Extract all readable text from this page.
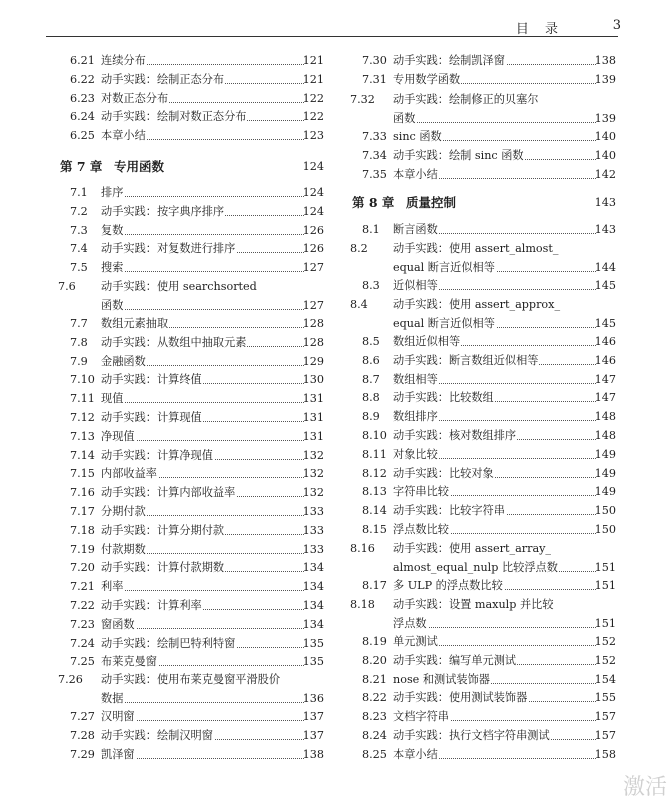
目 录	3
6.21 连续分布	121
6.22 动手实践：绘制正态分布	121
6.23 对数正态分布	122
6.24 动手实践：绘制对数正态分布	122
6.25 本章小结	123
第 7 章 专用函数	124
7.1	排序	124
7.2	动手实践：按字典序排序	124
7.3	复数	126
7.4	动手实践：对复数进行排序	126
7.5	搜索	127
7.6 动手实践：使用 searchsorted
函数	127
7.7	数组元素抽取	128
7.8	动手实践：从数组中抽取元素	128
7.9	金融函数	129
7.10 动手实践：计算终值	130
7.11 现值	131
7.12 动手实践：计算现值	131
7.13 净现值	131
7.14 动手实践：计算净现值	132
7.15 内部收益率	132
7.16 动手实践：计算内部收益率	132
7.17 分期付款	133
7.18 动手实践：计算分期付款	133
7.19 付款期数	133
7.20 动手实践：计算付款期数	134
7.21 利率	134
7.22 动手实践：计算利率	134
7.23 窗函数	134
7.24 动手实践：绘制巴特利特窗	135
7.25 布莱克曼窗	135
7.26 动手实践：使用布莱克曼窗平滑股价
数据	136
7.27 汉明窗	137
7.28 动手实践：绘制汉明窗	137
7.29 凯泽窗	138
7.30 动手实践：绘制凯泽窗	138
7.31 专用数学函数	139
7.32 动手实践：绘制修正的贝塞尔
函数	139
7.33 sinc 函数	140
7.34 动手实践：绘制 sinc 函数	140
7.35 本章小结	142
第 8 章 质量控制	143
8.1	断言函数	143
8.2 动手实践：使用 assert_almost_
equal 断言近似相等	144
8.3	近似相等	145
8.4 动手实践：使用 assert_approx_
equal 断言近似相等	145
8.5	数组近似相等	146
8.6	动手实践：断言数组近似相等	146
8.7	数组相等	147
8.8	动手实践：比较数组	147
8.9	数组排序	148
8.10 动手实践：核对数组排序	148
8.11 对象比较	149
8.12 动手实践：比较对象	149
8.13 字符串比较	149
8.14 动手实践：比较字符串	150
8.15 浮点数比较	150
8.16 动手实践：使用 assert_array_
almost_equal_nulp 比较浮点数	151
8.17 多 ULP 的浮点数比较	151
8.18 动手实践：设置 maxulp 并比较
浮点数	151
8.19 单元测试	152
8.20 动手实践：编写单元测试	152
8.21 nose 和测试装饰器	154
8.22 动手实践：使用测试装饰器	155
8.23 文档字符串	157
8.24 动手实践：执行文档字符串测试	157
8.25 本章小结	158
激活
